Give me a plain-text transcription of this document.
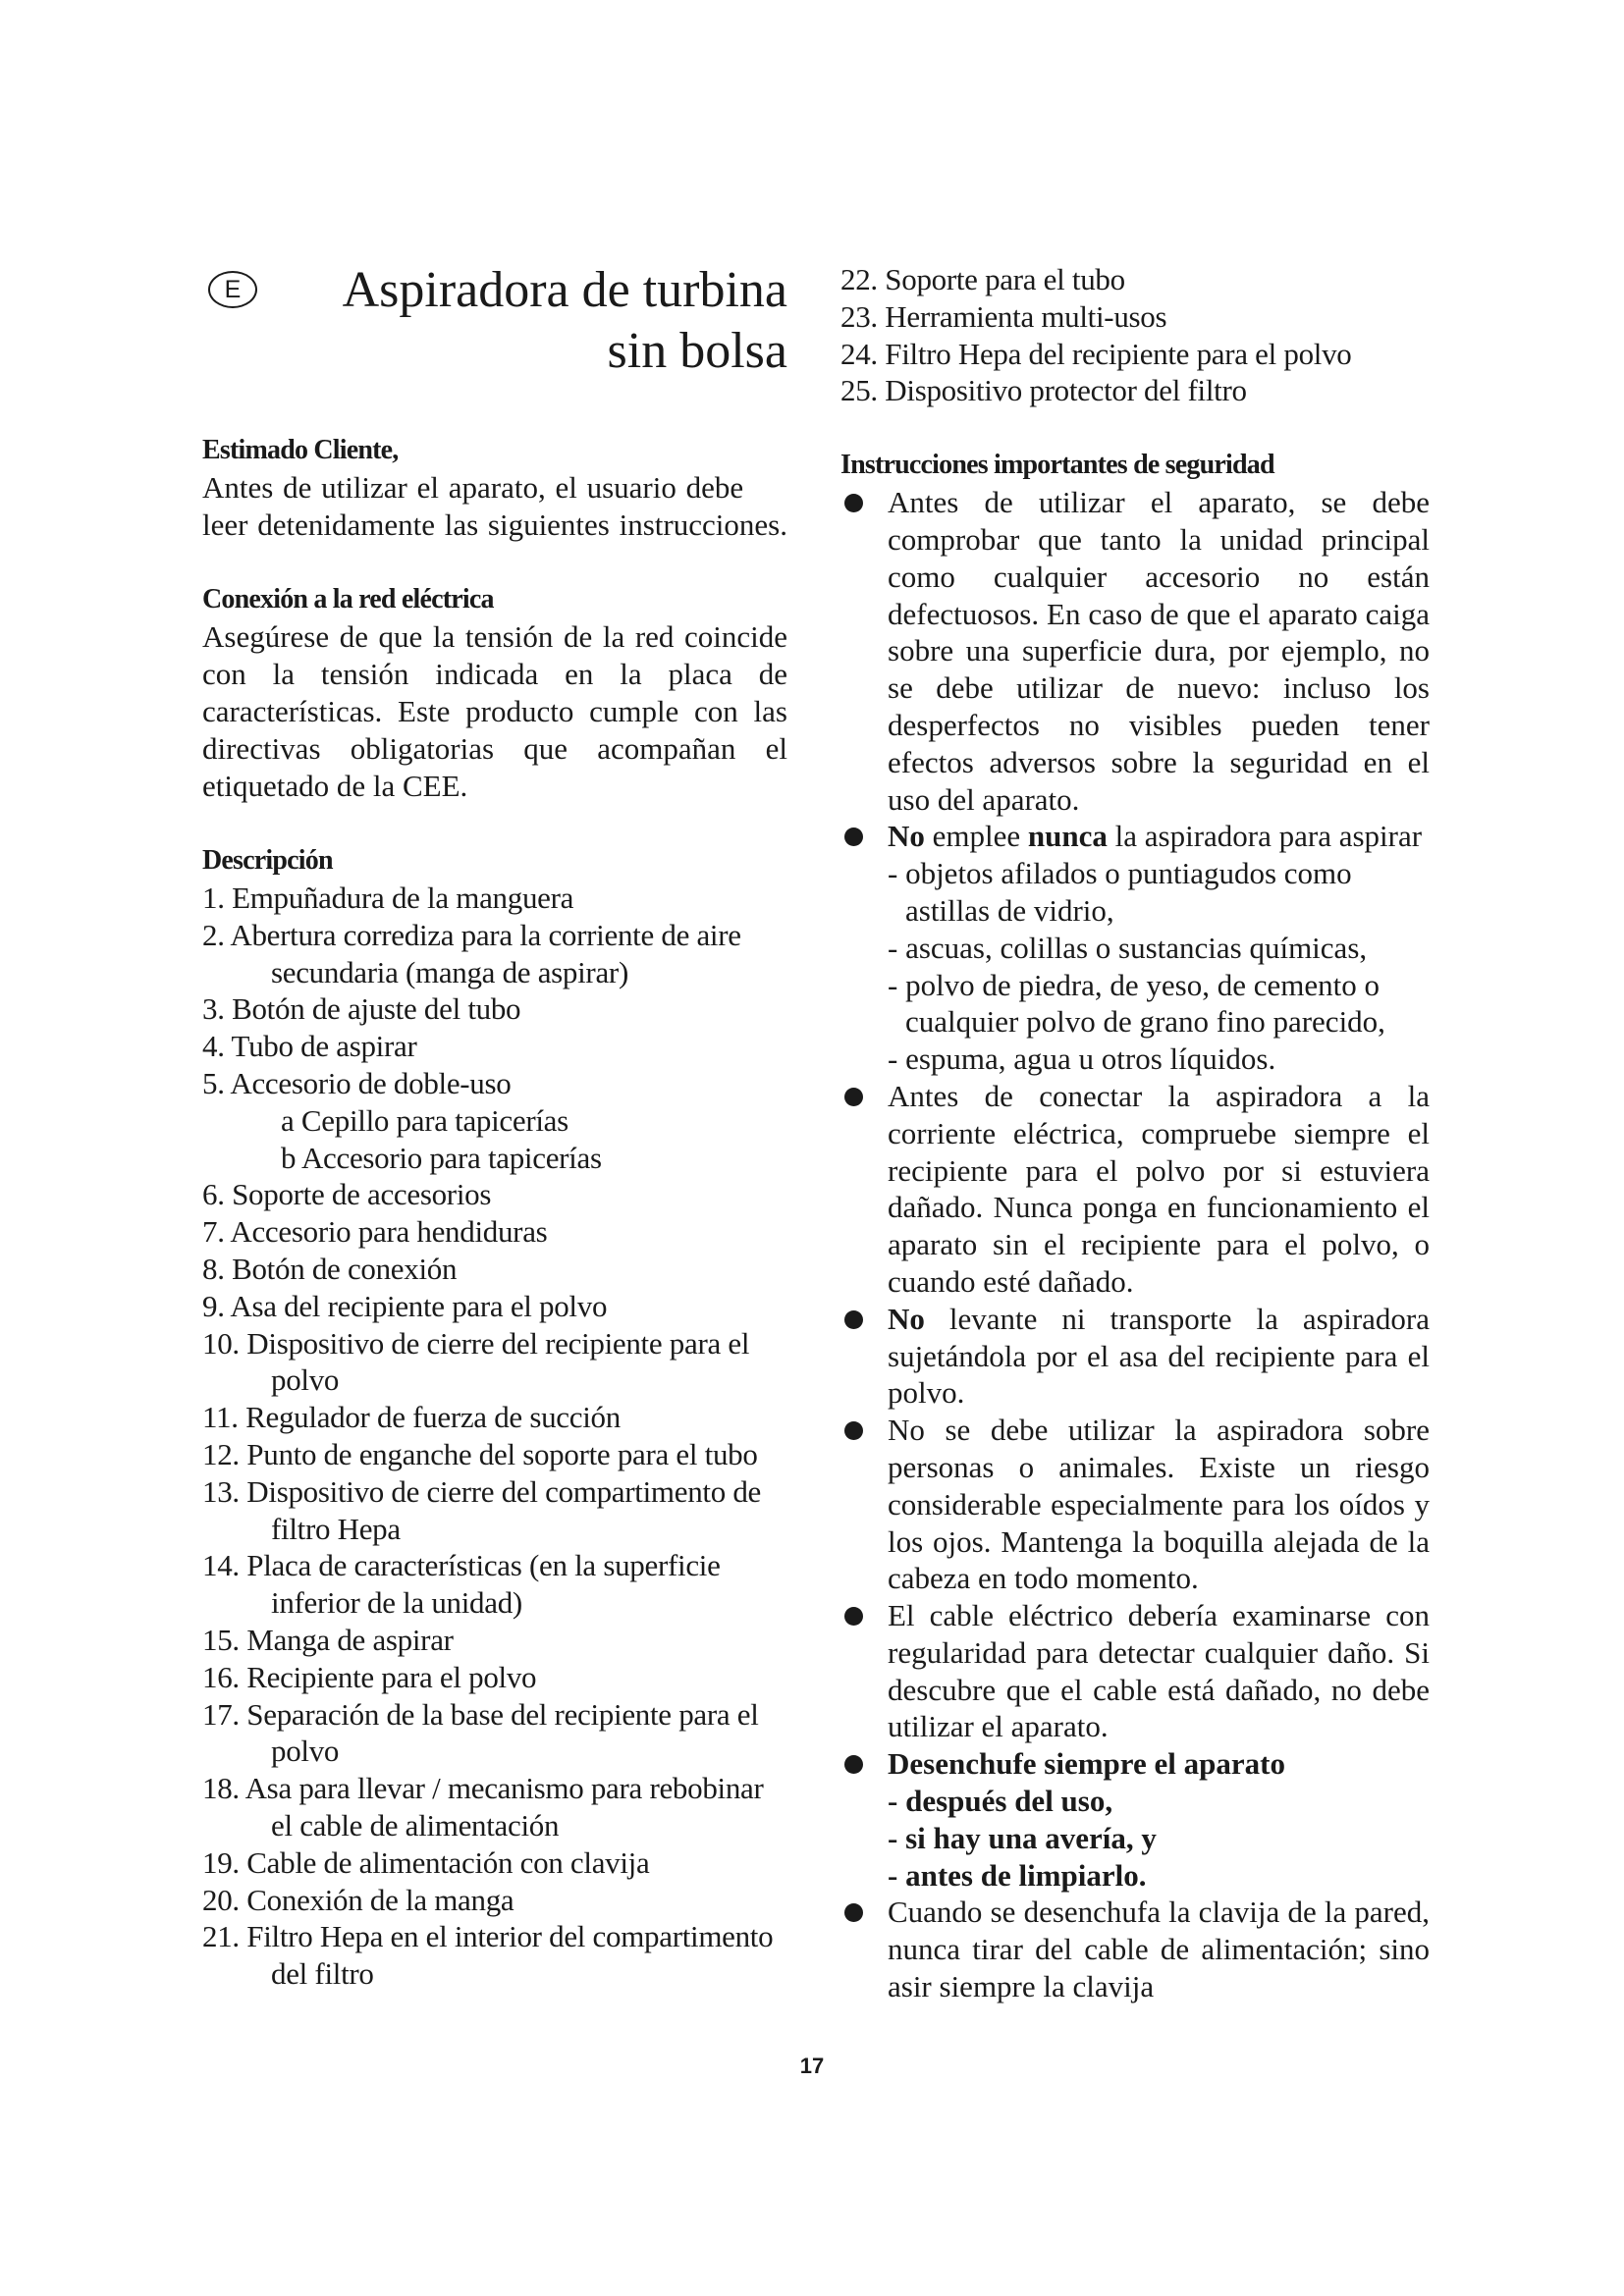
E	Aspiradora de turbina
sin bolsa

Estimado Cliente,

Antes de utilizar el aparato, el usuario debe leer detenidamente las siguientes instrucciones.

Conexión a la red eléctrica

Asegúrese de que la tensión de la red coincide con la tensión indicada en la placa de características. Este producto cumple con las directivas obligatorias que acompañan el etiquetado de la CEE.

Descripción

1. Empuñadura de la manguera
2. Abertura corrediza para la corriente de aire secundaria (manga de aspirar)
3. Botón de ajuste del tubo
4. Tubo de aspirar
5. Accesorio de doble-uso
a Cepillo para tapicerías
b Accesorio para tapicerías
6. Soporte de accesorios
7. Accesorio para hendiduras
8. Botón de conexión
9. Asa del recipiente para el polvo
10. Dispositivo de cierre del recipiente para el polvo
11. Regulador de fuerza de succión
12. Punto de enganche del soporte para el tubo
13. Dispositivo de cierre del compartimento de filtro Hepa
14. Placa de características (en la superficie inferior de la unidad)
15. Manga de aspirar
16. Recipiente para el polvo
17. Separación de la base del recipiente para el polvo
18. Asa para llevar / mecanismo para rebobinar el cable de alimentación
19. Cable de alimentación con clavija
20. Conexión de la manga
21. Filtro Hepa en el interior del compartimento del filtro
22. Soporte para el tubo
23. Herramienta multi-usos
24. Filtro Hepa del recipiente para el polvo
25. Dispositivo protector del filtro

Instrucciones importantes de seguridad

Antes de utilizar el aparato, se debe comprobar que tanto la unidad principal como cualquier accesorio no están defectuosos. En caso de que el aparato caiga sobre una superficie dura, por ejemplo, no se debe utilizar de nuevo: incluso los desperfectos no visibles pueden tener efectos adversos sobre la seguridad en el uso del aparato.

No emplee nunca la aspiradora para aspirar

- objetos afilados o puntiagudos como astillas de vidrio,
- ascuas, colillas o sustancias químicas,
- polvo de piedra, de yeso, de cemento o cualquier polvo de grano fino parecido,
- espuma, agua u otros líquidos.

Antes de conectar la aspiradora a la corriente eléctrica, compruebe siempre el recipiente para el polvo por si estuviera dañado. Nunca ponga en funcionamiento el aparato sin el recipiente para el polvo, o cuando esté dañado.

No levante ni transporte la aspiradora sujetándola por el asa del recipiente para el polvo.

No se debe utilizar la aspiradora sobre personas o animales. Existe un riesgo considerable especialmente para los oídos y los ojos. Mantenga la boquilla alejada de la cabeza en todo momento.

El cable eléctrico debería examinarse con regularidad para detectar cualquier daño. Si descubre que el cable está dañado, no debe utilizar el aparato.

Desenchufe siempre el aparato

- después del uso,
- si hay una avería, y
- antes de limpiarlo.

Cuando se desenchufa la clavija de la pared, nunca tirar del cable de alimentación; sino asir siempre la clavija

17
